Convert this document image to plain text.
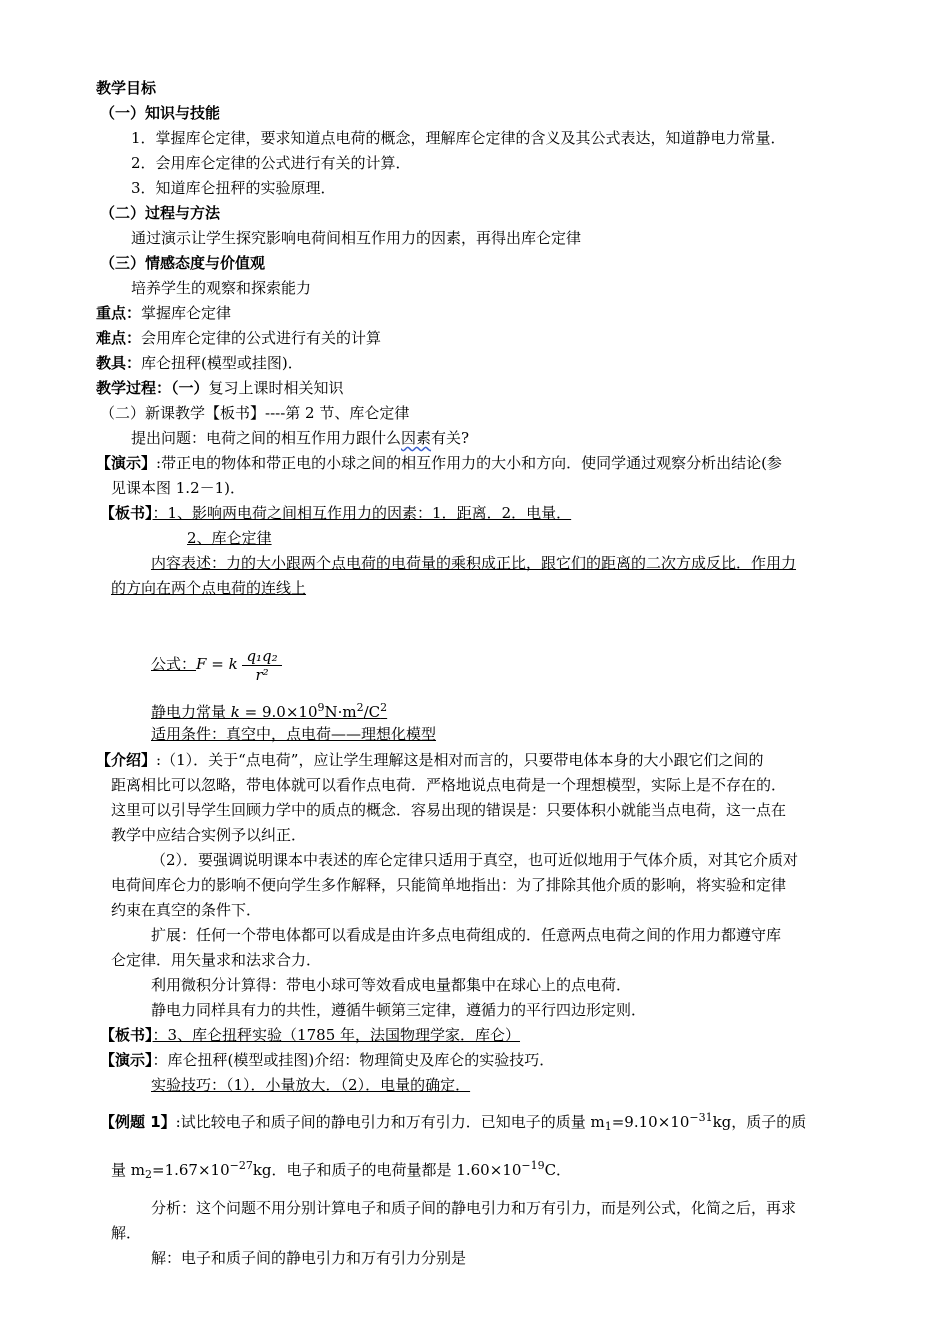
教学目标
（一）知识与技能
1．掌握库仑定律，要求知道点电荷的概念，理解库仑定律的含义及其公式表达，知道静电力常量．
2．会用库仑定律的公式进行有关的计算．
3．知道库仑扭秤的实验原理．
（二）过程与方法
通过演示让学生探究影响电荷间相互作用力的因素，再得出库仑定律
（三）情感态度与价值观
培养学生的观察和探索能力
重点：掌握库仑定律
难点：会用库仑定律的公式进行有关的计算
教具：库仑扭秤(模型或挂图)．
教学过程：（一）复习上课时相关知识
（二）新课教学【板书】----第 2 节、库仑定律
提出问题：电荷之间的相互作用力跟什么因素有关?
【演示】:带正电的物体和带正电的小球之间的相互作用力的大小和方向．使同学通过观察分析出结论(参
见课本图 1.2－1)．
【板书】：1、影响两电荷之间相互作用力的因素：1．距离．2．电量．
2、库仑定律
内容表述：力的大小跟两个点电荷的电荷量的乘积成正比，跟它们的距离的二次方成反比．作用力
的方向在两个点电荷的连线上
公式：F = k $\frac{\text{q₁q₂}}{\text{r²}}$
静电力常量 $k = 9.0\times 10^9N\cdot m^2/C^2$
适用条件：真空中，点电荷——理想化模型
【介绍】:（1）．关于“点电荷”，应让学生理解这是相对而言的，只要带电体本身的大小跟它们之间的
距离相比可以忽略，带电体就可以看作点电荷．严格地说点电荷是一个理想模型，实际上是不存在的．
这里可以引导学生回顾力学中的质点的概念．容易出现的错误是：只要体积小就能当点电荷，这一点在
教学中应结合实例予以纠正．
（2）．要强调说明课本中表述的库仑定律只适用于真空，也可近似地用于气体介质，对其它介质对
电荷间库仑力的影响不便向学生多作解释，只能简单地指出：为了排除其他介质的影响，将实验和定律
约束在真空的条件下．
扩展：任何一个带电体都可以看成是由许多点电荷组成的．任意两点电荷之间的作用力都遵守库
仑定律．用矢量求和法求合力．
利用微积分计算得：带电小球可等效看成电量都集中在球心上的点电荷．
静电力同样具有力的共性，遵循牛顿第三定律，遵循力的平行四边形定则．
【板书】：3、库仑扭秤实验（1785 年，法国物理学家．库仑）
【演示】：库仑扭秤(模型或挂图)介绍：物理简史及库仑的实验技巧．
实验技巧：（1）．小量放大．（2）．电量的确定．
【例题 1】:试比较电子和质子间的静电引力和万有引力．已知电子的质量 $m_1=9.10\times 10^{-31}kg$，质子的质
量 $m_2=1.67\times 10^{-27}kg$．电子和质子的电荷量都是 $1.60\times 10^{-19}C$．
分析：这个问题不用分别计算电子和质子间的静电引力和万有引力，而是列公式，化简之后，再求
解．
解：电子和质子间的静电引力和万有引力分别是
